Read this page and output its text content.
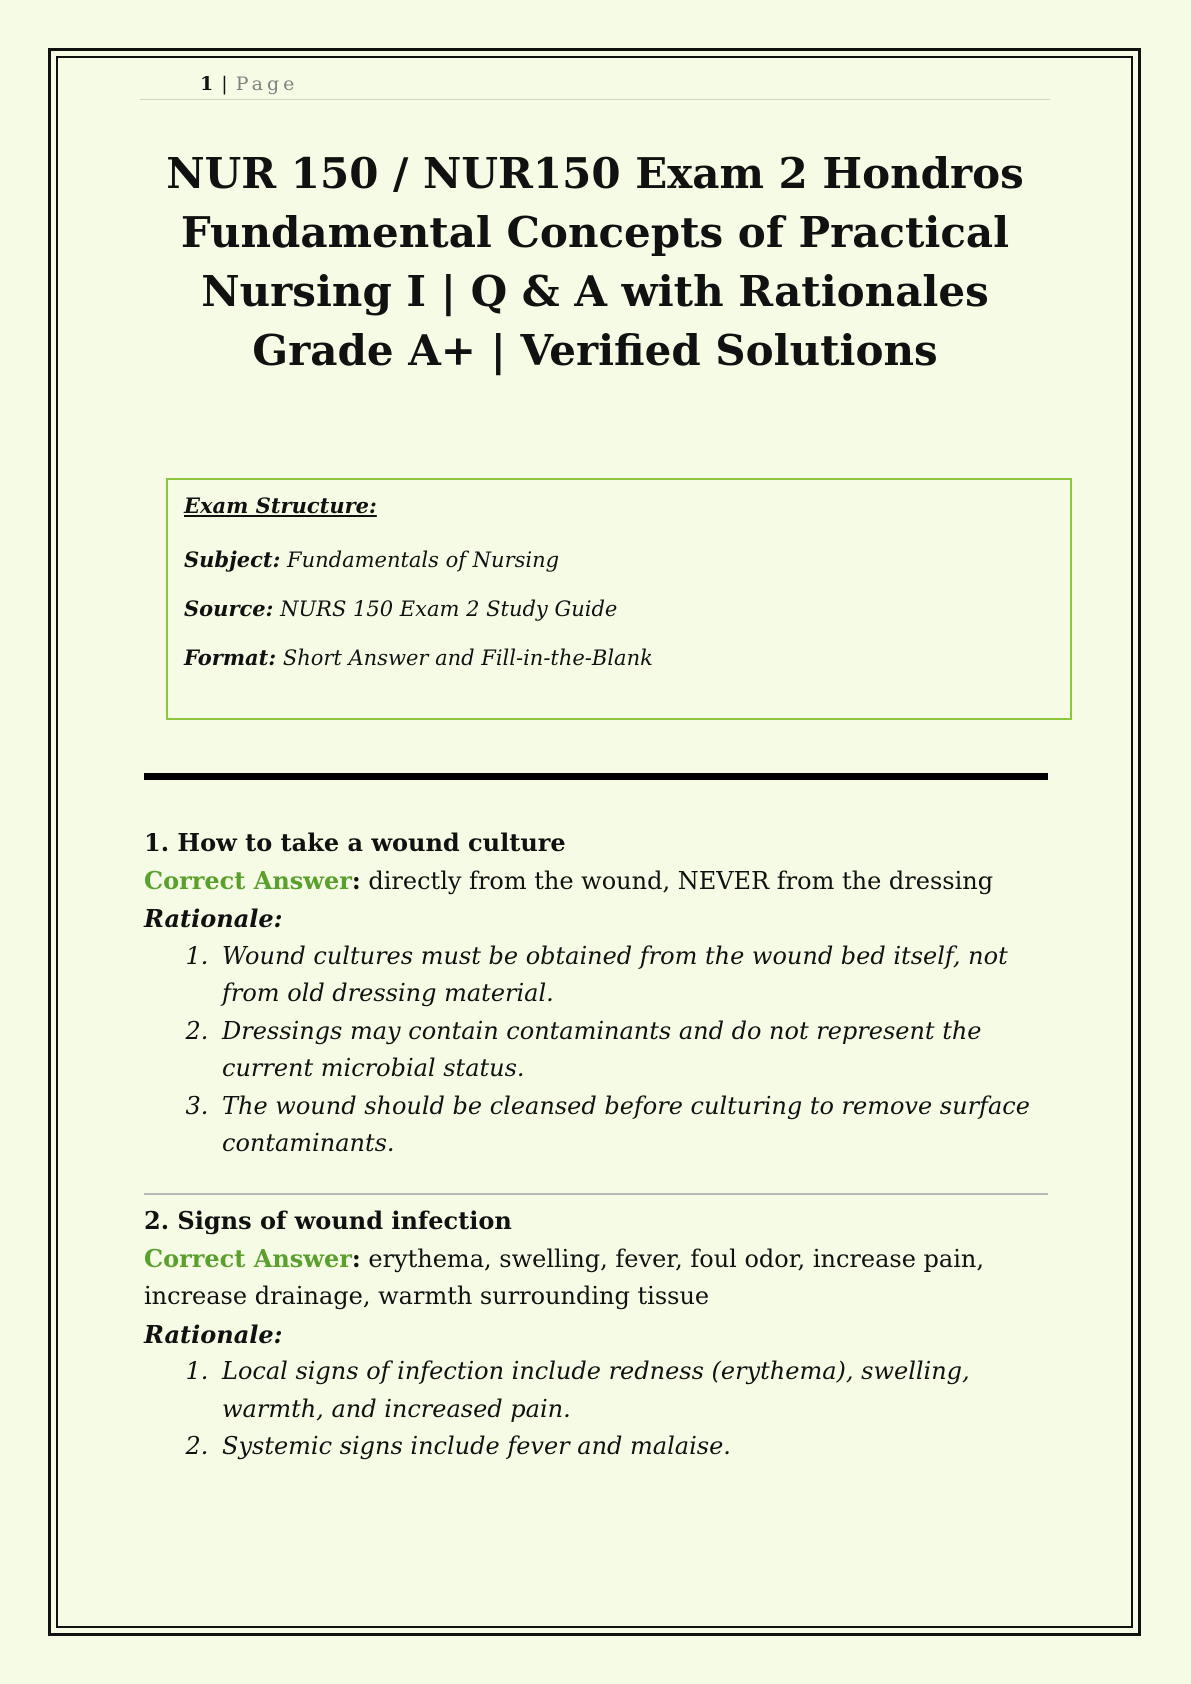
1 | Page
NUR 150 / NUR150 Exam 2 Hondros Fundamental Concepts of Practical Nursing I | Q & A with Rationales Grade A+ | Verified Solutions

Exam Structure:

Subject: Fundamentals of Nursing

Source: NURS 150 Exam 2 Study Guide

Format: Short Answer and Fill-in-the-Blank

1. How to take a wound culture

Correct Answer: directly from the wound, NEVER from the dressing

Rationale:

1. Wound cultures must be obtained from the wound bed itself, not from old dressing material.
2. Dressings may contain contaminants and do not represent the current microbial status.
3. The wound should be cleansed before culturing to remove surface contaminants.

2. Signs of wound infection

Correct Answer: erythema, swelling, fever, foul odor, increase pain, increase drainage, warmth surrounding tissue

Rationale:

1. Local signs of infection include redness (erythema), swelling, warmth, and increased pain.
2. Systemic signs include fever and malaise.
